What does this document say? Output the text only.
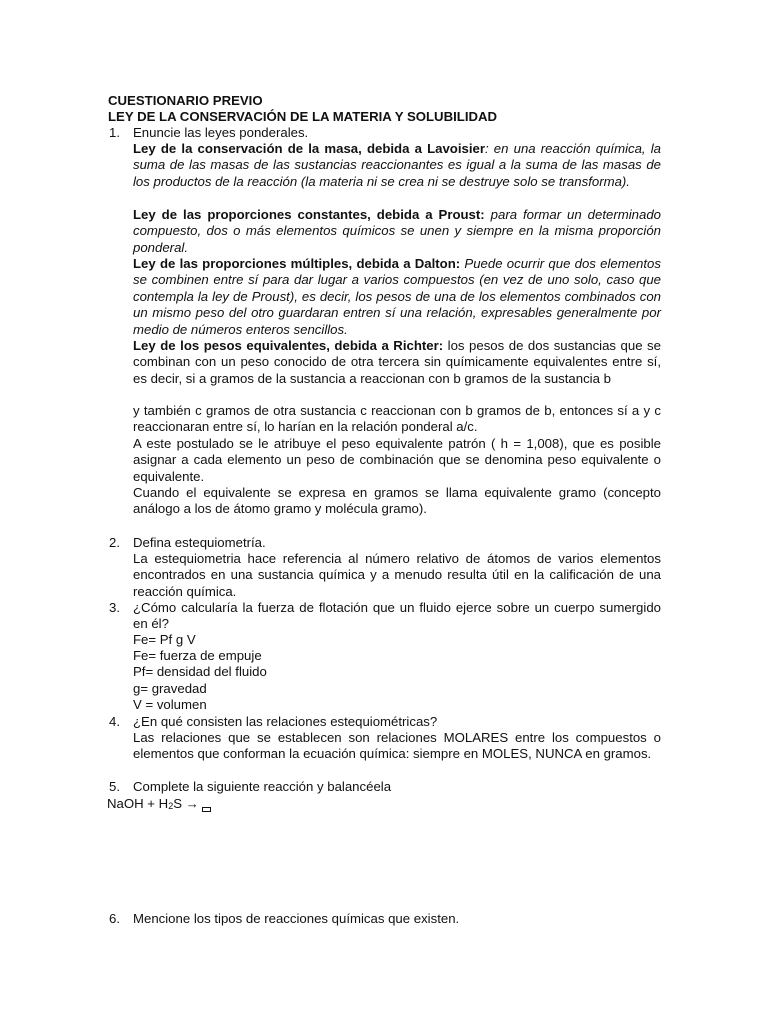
CUESTIONARIO PREVIO
LEY DE LA CONSERVACIÓN DE LA MATERIA Y SOLUBILIDAD
1. Enuncie las leyes ponderales.
Ley de la conservación de la masa, debida a Lavoisier: en una reacción química, la suma de las masas de las sustancias reaccionantes es igual a la suma de las masas de los productos de la reacción (la materia ni se crea ni se destruye solo se transforma).
Ley de las proporciones constantes, debida a Proust: para formar un determinado compuesto, dos o más elementos químicos se unen y siempre en la misma proporción ponderal.
Ley de las proporciones múltiples, debida a Dalton: Puede ocurrir que dos elementos se combinen entre sí para dar lugar a varios compuestos (en vez de uno solo, caso que contempla la ley de Proust), es decir, los pesos de una de los elementos combinados con un mismo peso del otro guardaran entren sí una relación, expresables generalmente por medio de números enteros sencillos.
Ley de los pesos equivalentes, debida a Richter: los pesos de dos sustancias que se combinan con un peso conocido de otra tercera sin químicamente equivalentes entre sí, es decir, si a gramos de la sustancia a reaccionan con b gramos de la sustancia b
y también c gramos de otra sustancia c reaccionan con b gramos de b, entonces sí a y c reaccionaran entre sí, lo harían en la relación ponderal a/c.
A este postulado se le atribuye el peso equivalente patrón ( h = 1,008), que es posible asignar a cada elemento un peso de combinación que se denomina peso equivalente o equivalente.
Cuando el equivalente se expresa en gramos se llama equivalente gramo (concepto análogo a los de átomo gramo y molécula gramo).
2. Defina estequiometría.
La estequiometria hace referencia al número relativo de átomos de varios elementos encontrados en una sustancia química y a menudo resulta útil en la calificación de una reacción química.
3. ¿Cómo calcularía la fuerza de flotación que un fluido ejerce sobre un cuerpo sumergido en él?
Fe= Pf g V
Fe= fuerza de empuje
Pf= densidad del fluido
g= gravedad
V = volumen
4. ¿En qué consisten las relaciones estequiométricas?
Las relaciones que se establecen son relaciones MOLARES entre los compuestos o elementos que conforman la ecuación química: siempre en MOLES, NUNCA en gramos.
5. Complete la siguiente reacción y balancéela
NaOH + $H_2S$ →
6. Mencione los tipos de reacciones químicas que existen.
